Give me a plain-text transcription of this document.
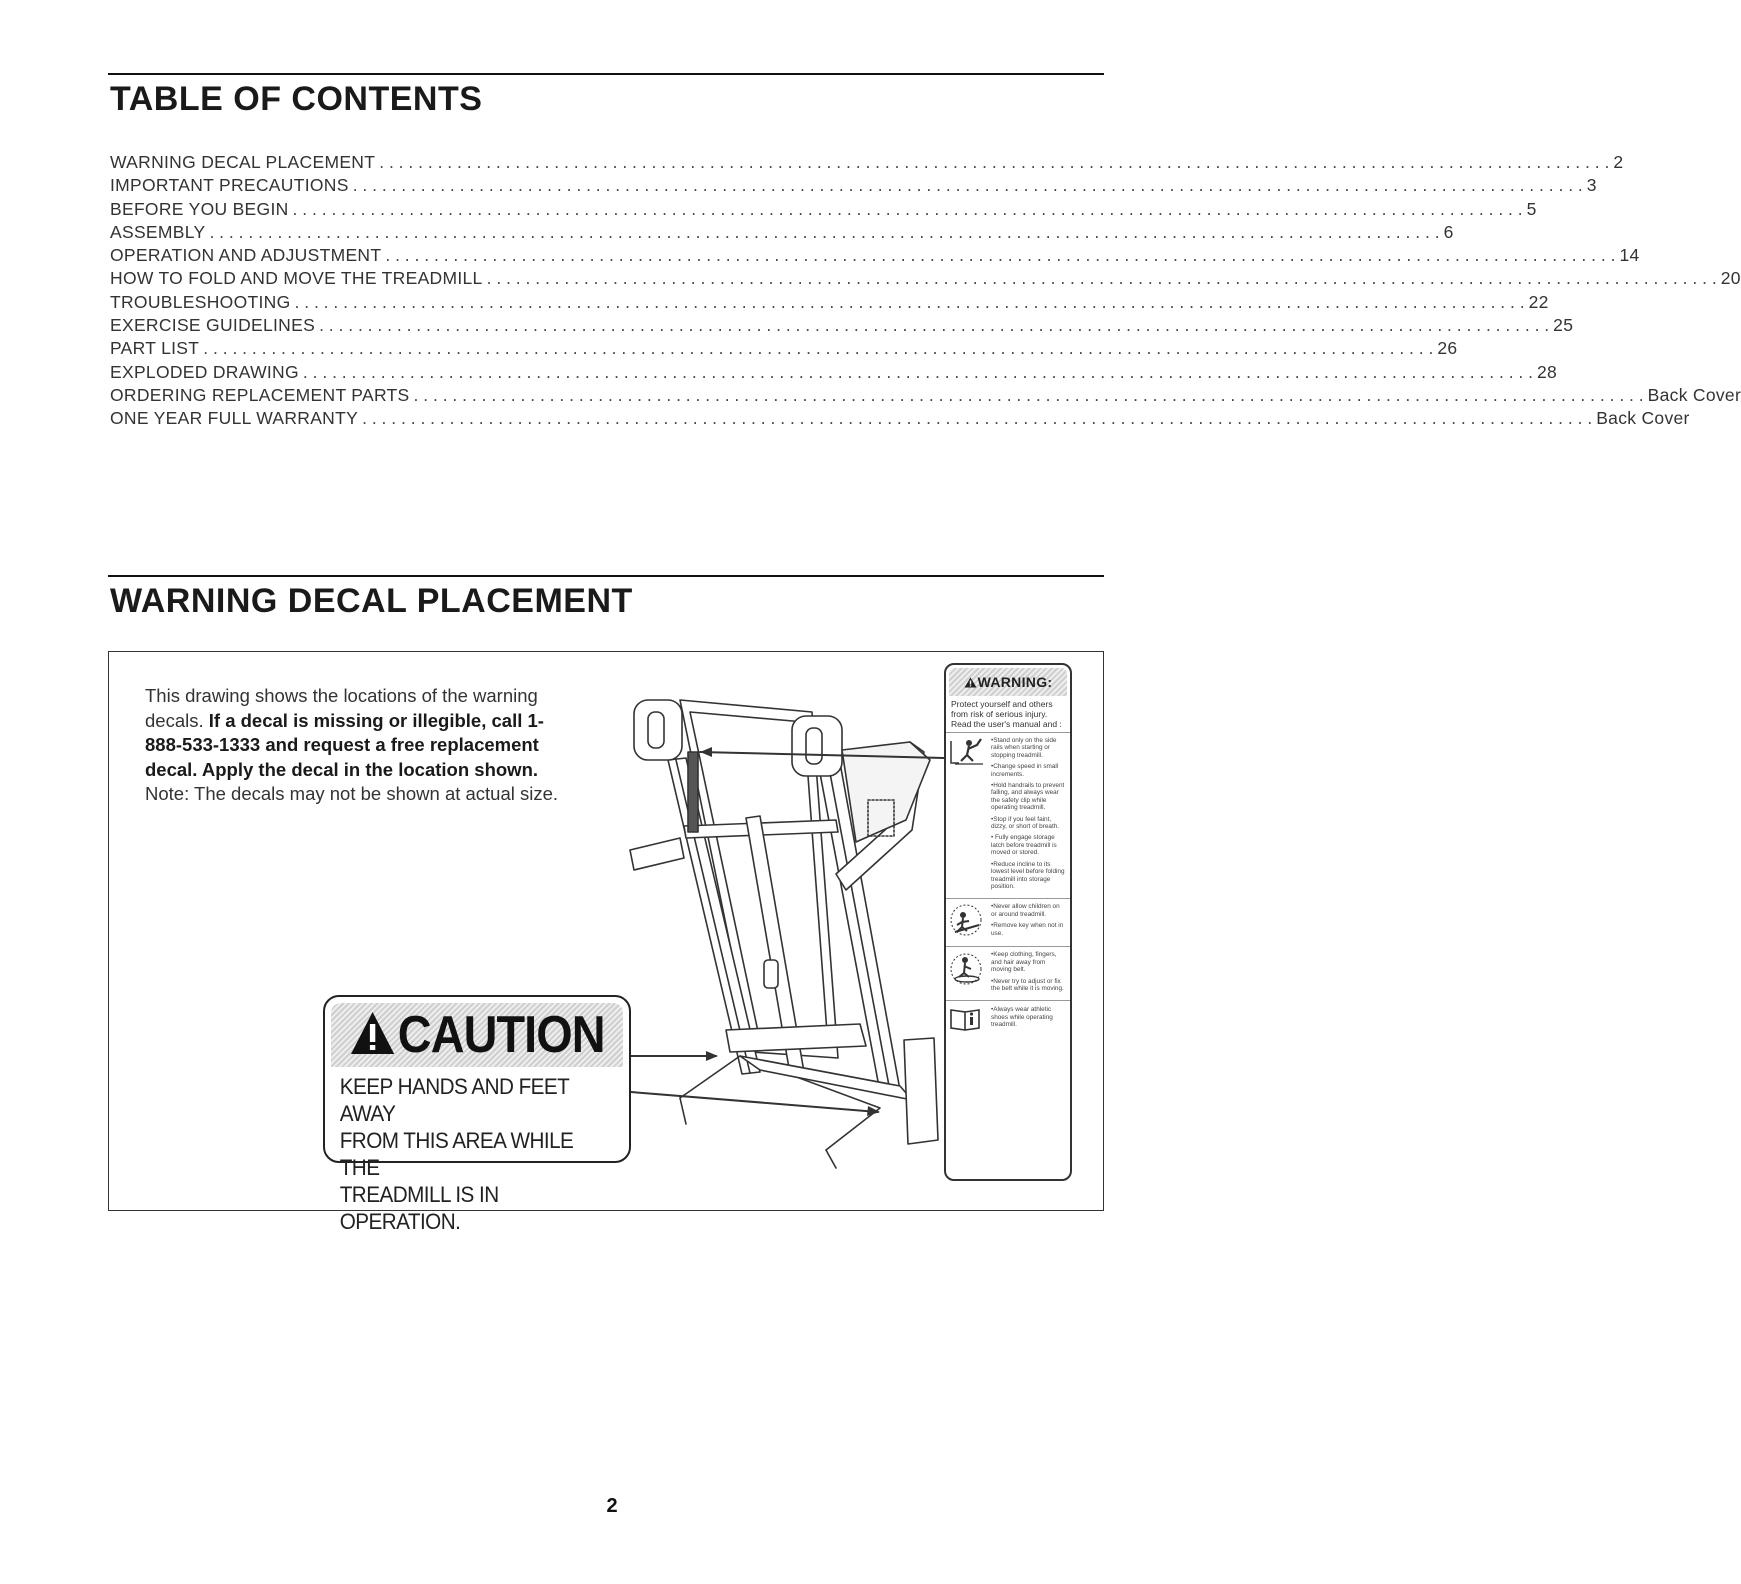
TABLE OF CONTENTS
WARNING DECAL PLACEMENT . . .	2
IMPORTANT PRECAUTIONS . . .	3
BEFORE YOU BEGIN . . .	5
ASSEMBLY . . .	6
OPERATION AND ADJUSTMENT . . .	14
HOW TO FOLD AND MOVE THE TREADMILL . . .	20
TROUBLESHOOTING . . .	22
EXERCISE GUIDELINES . . .	25
PART LIST . . .	26
EXPLODED DRAWING . . .	28
ORDERING REPLACEMENT PARTS . . .	Back Cover
ONE YEAR FULL WARRANTY . . .	Back Cover
WARNING DECAL PLACEMENT
This drawing shows the locations of the warning decals. If a decal is missing or illegible, call 1-888-533-1333 and request a free replacement decal. Apply the decal in the location shown. Note: The decals may not be shown at actual size.
CAUTION
KEEP HANDS AND FEET AWAY
FROM THIS AREA WHILE THE
TREADMILL IS IN OPERATION.
WARNING:
Protect yourself and others from risk of serious injury. Read the user's manual and :
•Stand only on the side rails when starting or stopping treadmill.
•Change speed in small increments.
•Hold handrails to prevent falling, and always wear the safety clip while operating treadmill.
•Stop if you feel faint, dizzy, or short of breath.
• Fully engage storage latch before treadmill is moved or stored.
•Reduce incline to its lowest level before folding treadmill into storage position.
•Never allow children on or around treadmill.
•Remove key when not in use.
•Keep clothing, fingers, and hair away from moving belt.
•Never try to adjust or fix the belt while it is moving.
•Always wear athletic shoes while operating treadmill.
2
